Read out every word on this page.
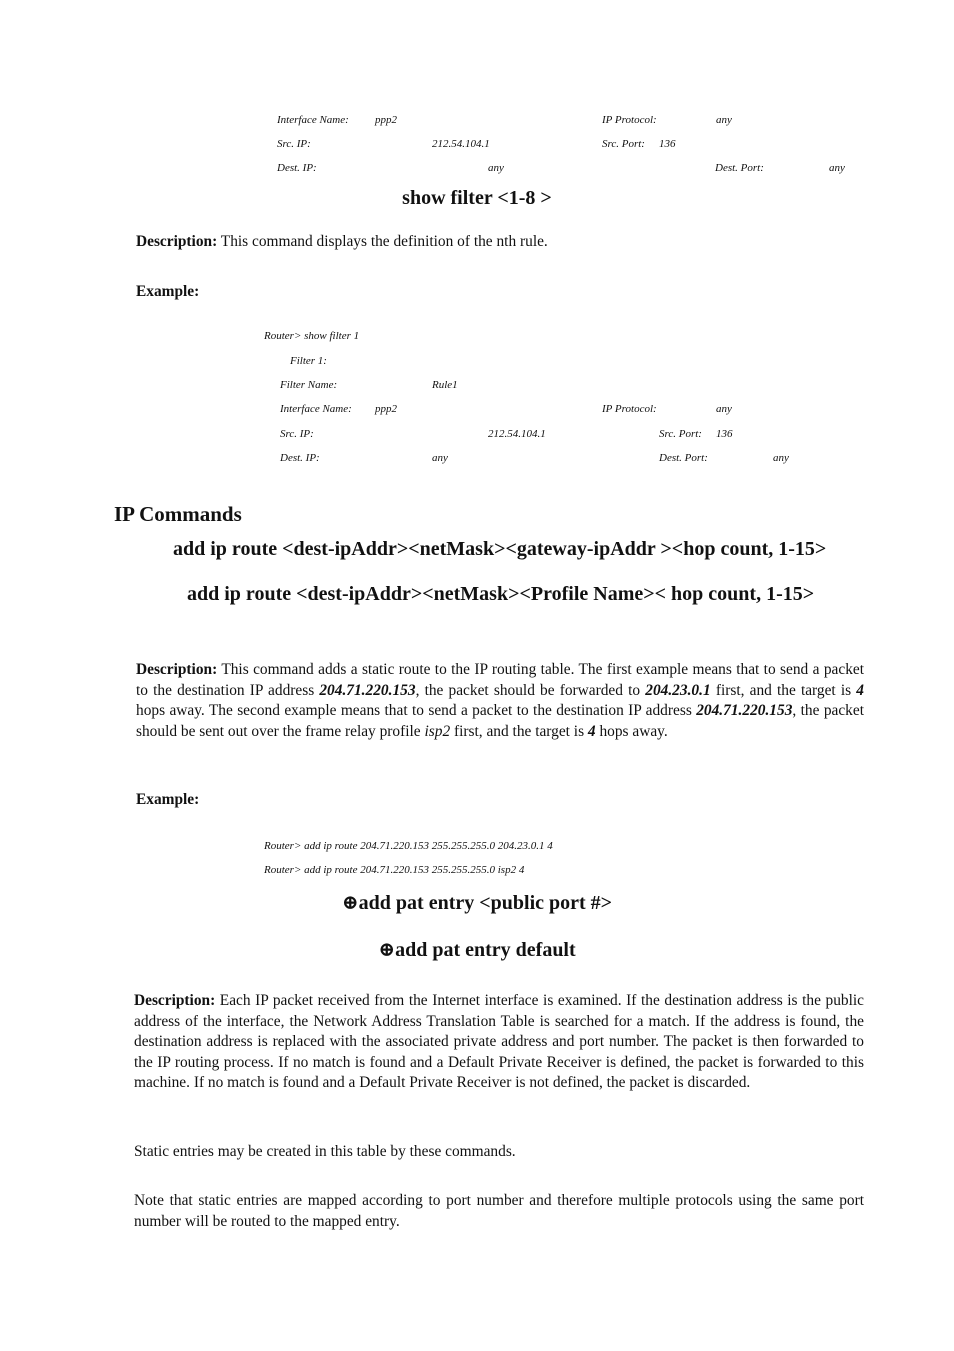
Interface Name: ppp2	IP Protocol:	any
Src. IP:	212.54.104.1	Src. Port: 136
Dest. IP:	any	Dest. Port:	any
show filter <1-8 >
Description: This command displays the definition of the nth rule.
Example:
Router> show filter 1
Filter 1:
Filter Name:	Rule1
Interface Name: ppp2	IP Protocol:	any
Src. IP:	212.54.104.1	Src. Port: 136
Dest. IP:	any	Dest. Port:	any
IP Commands
add ip route <dest-ipAddr><netMask><gateway-ipAddr ><hop count, 1-15>
add ip route <dest-ipAddr><netMask><Profile Name>< hop count, 1-15>
Description: This command adds a static route to the IP routing table. The first example means that to send a packet to the destination IP address 204.71.220.153, the packet should be forwarded to 204.23.0.1 first, and the target is 4 hops away. The second example means that to send a packet to the destination IP address 204.71.220.153, the packet should be sent out over the frame relay profile isp2 first, and the target is 4 hops away.
Example:
Router> add ip route 204.71.220.153 255.255.255.0 204.23.0.1 4
Router> add ip route 204.71.220.153 255.255.255.0 isp2 4
⊕add pat entry <public port #>
⊕add pat entry default
Description: Each IP packet received from the Internet interface is examined. If the destination address is the public address of the interface, the Network Address Translation Table is searched for a match. If the address is found, the destination address is replaced with the associated private address and port number. The packet is then forwarded to the IP routing process. If no match is found and a Default Private Receiver is defined, the packet is forwarded to this machine. If no match is found and a Default Private Receiver is not defined, the packet is discarded.
Static entries may be created in this table by these commands.
Note that static entries are mapped according to port number and therefore multiple protocols using the same port number will be routed to the mapped entry.
